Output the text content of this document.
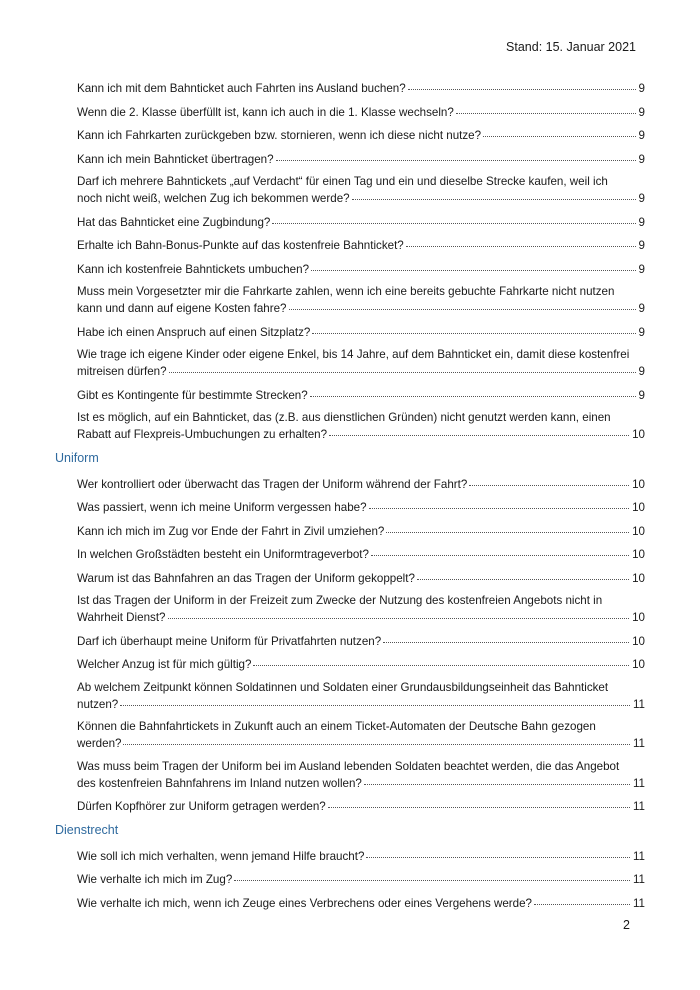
Stand: 15. Januar 2021
Kann ich mit dem Bahnticket auch Fahrten ins Ausland buchen?	9
Wenn die 2. Klasse überfüllt ist, kann ich auch in die 1. Klasse wechseln?	9
Kann ich Fahrkarten zurückgeben bzw. stornieren, wenn ich diese nicht nutze?	9
Kann ich mein Bahnticket übertragen?	9
Darf ich mehrere Bahntickets „auf Verdacht“ für einen Tag und ein und dieselbe Strecke kaufen, weil ich
noch nicht weiß, welchen Zug ich bekommen werde?	9
Hat das Bahnticket eine Zugbindung?	9
Erhalte ich Bahn-Bonus-Punkte auf das kostenfreie Bahnticket?	9
Kann ich kostenfreie Bahntickets umbuchen?	9
Muss mein Vorgesetzter mir die Fahrkarte zahlen, wenn ich eine bereits gebuchte Fahrkarte nicht nutzen
kann und dann auf eigene Kosten fahre?	9
Habe ich einen Anspruch auf einen Sitzplatz?	9
Wie trage ich eigene Kinder oder eigene Enkel, bis 14 Jahre, auf dem Bahnticket ein, damit diese kostenfrei
mitreisen dürfen?	9
Gibt es Kontingente für bestimmte Strecken?	9
Ist es möglich, auf ein Bahnticket, das (z.B. aus dienstlichen Gründen) nicht genutzt werden kann, einen
Rabatt auf Flexpreis-Umbuchungen zu erhalten?	10
Uniform
Wer kontrolliert oder überwacht das Tragen der Uniform während der Fahrt?	10
Was passiert, wenn ich meine Uniform vergessen habe?	10
Kann ich mich im Zug vor Ende der Fahrt in Zivil umziehen?	10
In welchen Großstädten besteht ein Uniformtrageverbot?	10
Warum ist das Bahnfahren an das Tragen der Uniform gekoppelt?	10
Ist das Tragen der Uniform in der Freizeit zum Zwecke der Nutzung des kostenfreien Angebots nicht in
Wahrheit Dienst?	10
Darf ich überhaupt meine Uniform für Privatfahrten nutzen?	10
Welcher Anzug ist für mich gültig?	10
Ab welchem Zeitpunkt können Soldatinnen und Soldaten einer Grundausbildungseinheit das Bahnticket
nutzen?	11
Können die Bahnfahrtickets in Zukunft auch an einem Ticket-Automaten der Deutsche Bahn gezogen
werden?	11
Was muss beim Tragen der Uniform bei im Ausland lebenden Soldaten beachtet werden, die das Angebot
des kostenfreien Bahnfahrens im Inland nutzen wollen?	11
Dürfen Kopfhörer zur Uniform getragen werden?	11
Dienstrecht
Wie soll ich mich verhalten, wenn jemand Hilfe braucht?	11
Wie verhalte ich mich im Zug?	11
Wie verhalte ich mich, wenn ich Zeuge eines Verbrechens oder eines Vergehens werde?	11
2
